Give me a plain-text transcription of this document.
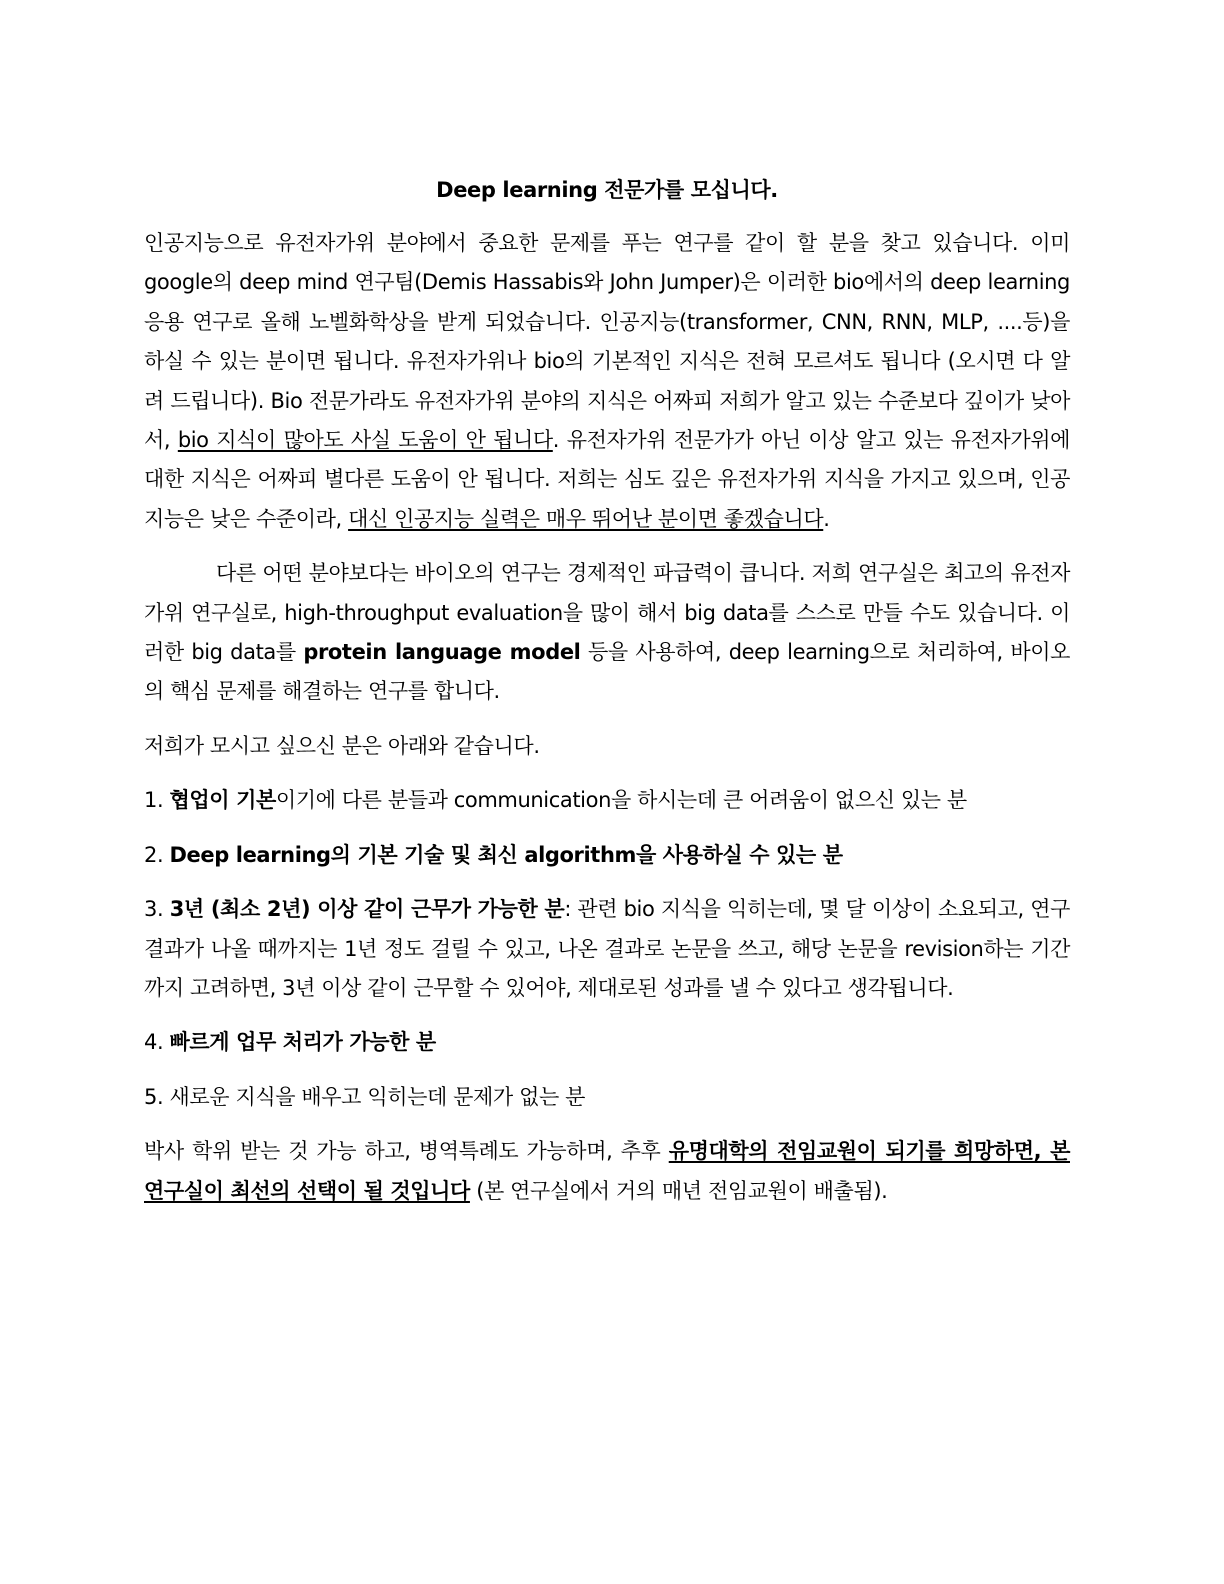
Deep learning 전문가를 모십니다.

인공지능으로 유전자가위 분야에서 중요한 문제를 푸는 연구를 같이 할 분을 찾고 있습니다. 이미 google의 deep mind 연구팀(Demis Hassabis와 John Jumper)은 이러한 bio에서의 deep learning 응용 연구로 올해 노벨화학상을 받게 되었습니다. 인공지능(transformer, CNN, RNN, MLP, ....등)을 하실 수 있는 분이면 됩니다. 유전자가위나 bio의 기본적인 지식은 전혀 모르셔도 됩니다 (오시면 다 알려 드립니다). Bio 전문가라도 유전자가위 분야의 지식은 어짜피 저희가 알고 있는 수준보다 깊이가 낮아서, bio 지식이 많아도 사실 도움이 안 됩니다. 유전자가위 전문가가 아닌 이상 알고 있는 유전자가위에 대한 지식은 어짜피 별다른 도움이 안 됩니다. 저희는 심도 깊은 유전자가위 지식을 가지고 있으며, 인공지능은 낮은 수준이라, 대신 인공지능 실력은 매우 뛰어난 분이면 좋겠습니다.

다른 어떤 분야보다는 바이오의 연구는 경제적인 파급력이 큽니다. 저희 연구실은 최고의 유전자가위 연구실로, high-throughput evaluation을 많이 해서 big data를 스스로 만들 수도 있습니다. 이러한 big data를 protein language model 등을 사용하여, deep learning으로 처리하여, 바이오의 핵심 문제를 해결하는 연구를 합니다.

저희가 모시고 싶으신 분은 아래와 같습니다.

1. 협업이 기본이기에 다른 분들과 communication을 하시는데 큰 어려움이 없으신 있는 분

2. Deep learning의 기본 기술 및 최신 algorithm을 사용하실 수 있는 분

3. 3년 (최소 2년) 이상 같이 근무가 가능한 분: 관련 bio 지식을 익히는데, 몇 달 이상이 소요되고, 연구 결과가 나올 때까지는 1년 정도 걸릴 수 있고, 나온 결과로 논문을 쓰고, 해당 논문을 revision하는 기간까지 고려하면, 3년 이상 같이 근무할 수 있어야, 제대로된 성과를 낼 수 있다고 생각됩니다.

4. 빠르게 업무 처리가 가능한 분

5. 새로운 지식을 배우고 익히는데 문제가 없는 분

박사 학위 받는 것 가능 하고, 병역특례도 가능하며, 추후 유명대학의 전임교원이 되기를 희망하면, 본 연구실이 최선의 선택이 될 것입니다 (본 연구실에서 거의 매년 전임교원이 배출됨).
